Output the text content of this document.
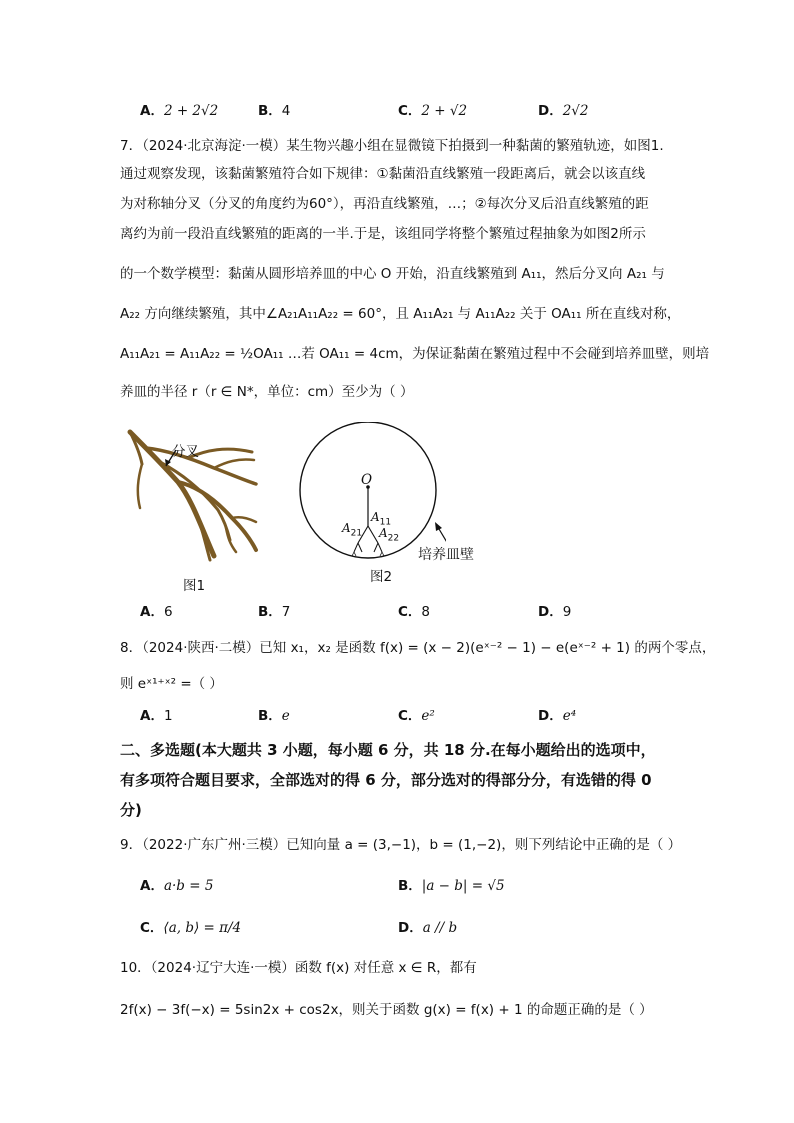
A．2 + 2√2	B．4	C．2 + √2	D．2√2
7．（2024·北京海淀·一模）某生物兴趣小组在显微镜下拍摄到一种黏菌的繁殖轨迹，如图1.
通过观察发现，该黏菌繁殖符合如下规律：①黏菌沿直线繁殖一段距离后，就会以该直线
为对称轴分叉（分叉的角度约为60°），再沿直线繁殖，…；②每次分叉后沿直线繁殖的距
离约为前一段沿直线繁殖的距离的一半.于是，该组同学将整个繁殖过程抽象为如图2所示
的一个数学模型：黏菌从圆形培养皿的中心 O 开始，沿直线繁殖到 A₁₁，然后分叉向 A₂₁ 与
A₂₂ 方向继续繁殖，其中∠A₂₁A₁₁A₂₂ = 60°，且 A₁₁A₂₁ 与 A₁₁A₂₂ 关于 OA₁₁ 所在直线对称，
A₁₁A₂₁ = A₁₁A₂₂ = ½OA₁₁ …若 OA₁₁ = 4cm，为保证黏菌在繁殖过程中不会碰到培养皿壁，则培
养皿的半径 r（r ∈ N*，单位：cm）至少为（ ）
分叉
图1
O
$A_{11}$
$A_{21}$ $A_{22}$
培养皿壁
图2
A．6	B．7	C．8	D．9
8．（2024·陕西·二模）已知 x₁，x₂ 是函数 f(x) = (x − 2)(eˣ⁻² − 1) − e(eˣ⁻² + 1) 的两个零点，
则 eˣ¹⁺ˣ² =（ ）
A．1	B．e	C．e²	D．e⁴
二、多选题(本大题共 3 小题，每小题 6 分，共 18 分.在每小题给出的选项中，
有多项符合题目要求，全部选对的得 6 分，部分选对的得部分分，有选错的得 0
分)
9．（2022·广东广州·三模）已知向量 a = (3,−1)，b = (1,−2)，则下列结论中正确的是（ ）
A．a·b = 5	B．|a − b| = √5
C．⟨a, b⟩ = π/4	D．a // b
10．（2024·辽宁大连·一模）函数 f(x) 对任意 x ∈ R，都有
2f(x) − 3f(−x) = 5sin2x + cos2x，则关于函数 g(x) = f(x) + 1 的命题正确的是（ ）
